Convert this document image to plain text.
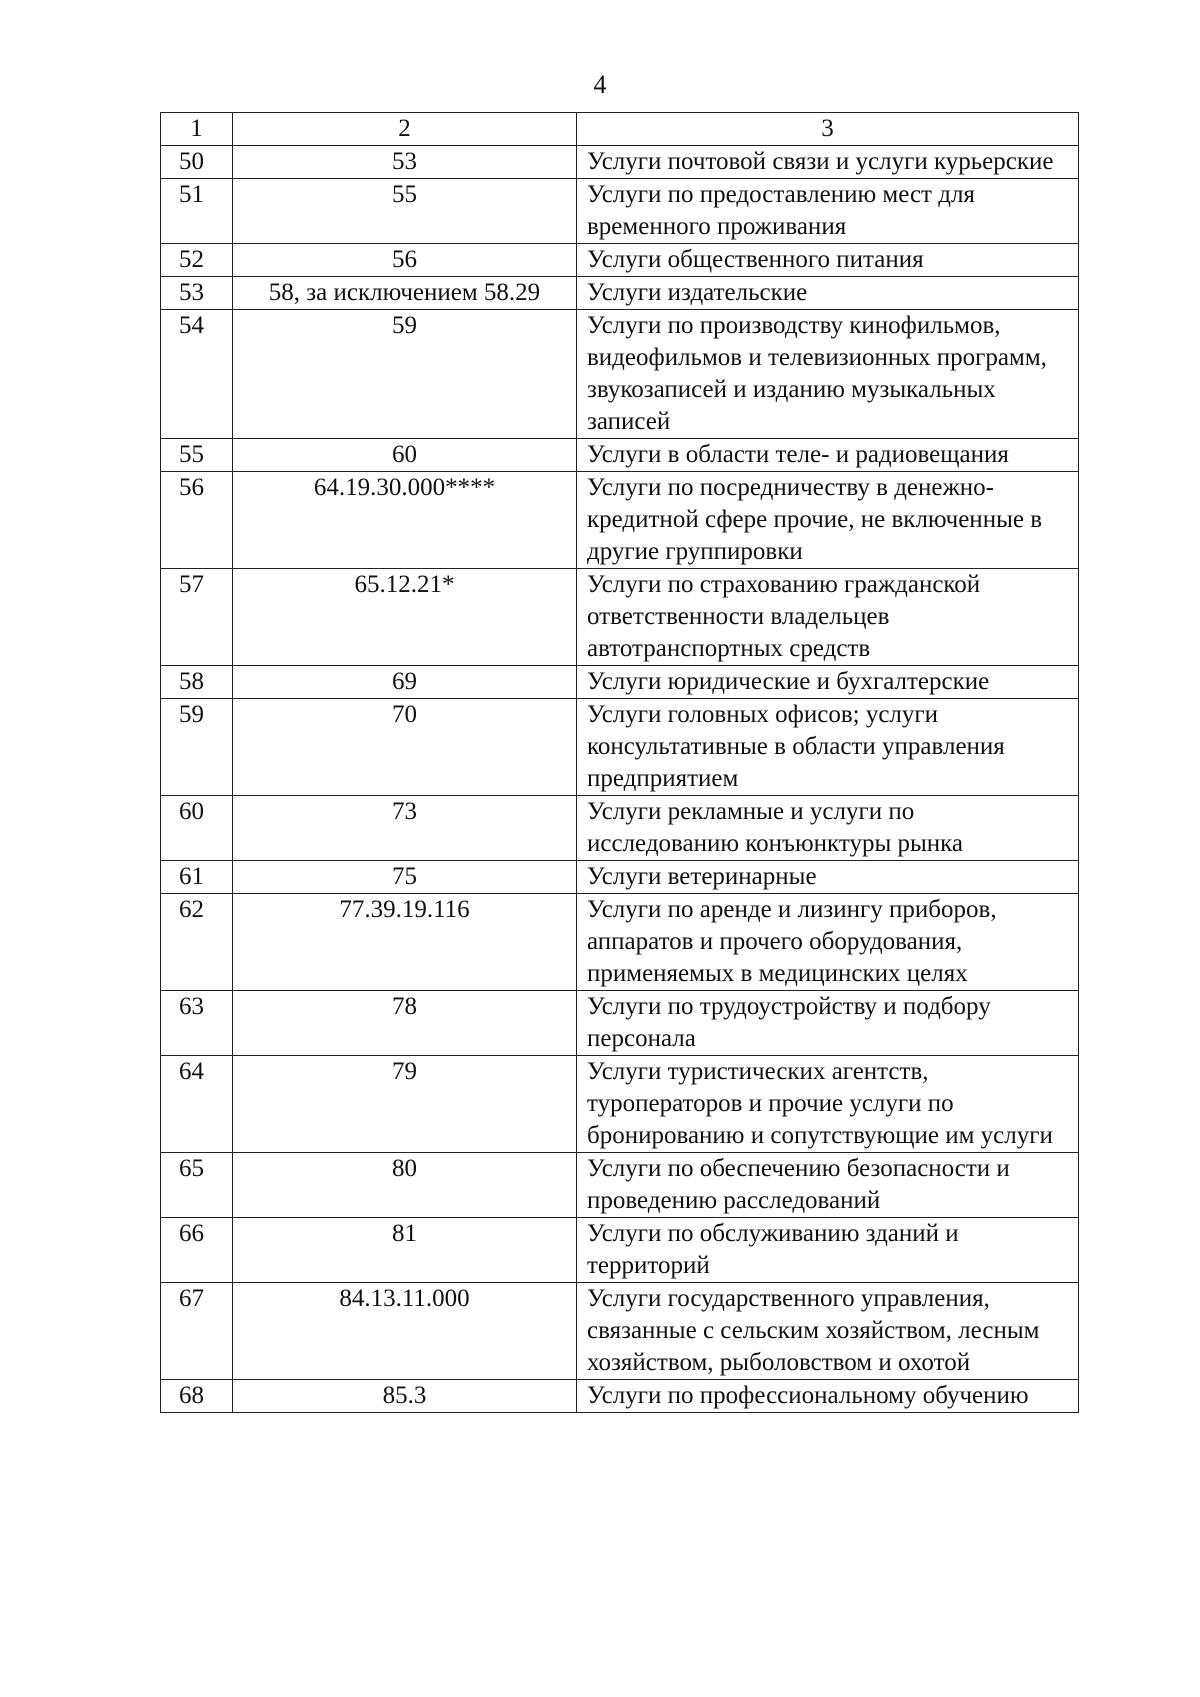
4
1	2	3
50	53	Услуги почтовой связи и услуги курьерские
51	55	Услуги по предоставлению мест для временного проживания
52	56	Услуги общественного питания
53	58, за исключением 58.29	Услуги издательские
54	59	Услуги по производству кинофильмов, видеофильмов и телевизионных программ, звукозаписей и изданию музыкальных записей
55	60	Услуги в области теле- и радиовещания
56	64.19.30.000****	Услуги по посредничеству в денежно-кредитной сфере прочие, не включенные в другие группировки
57	65.12.21*	Услуги по страхованию гражданской ответственности владельцев автотранспортных средств
58	69	Услуги юридические и бухгалтерские
59	70	Услуги головных офисов; услуги консультативные в области управления предприятием
60	73	Услуги рекламные и услуги по исследованию конъюнктуры рынка
61	75	Услуги ветеринарные
62	77.39.19.116	Услуги по аренде и лизингу приборов, аппаратов и прочего оборудования, применяемых в медицинских целях
63	78	Услуги по трудоустройству и подбору персонала
64	79	Услуги туристических агентств, туроператоров и прочие услуги по бронированию и сопутствующие им услуги
65	80	Услуги по обеспечению безопасности и проведению расследований
66	81	Услуги по обслуживанию зданий и территорий
67	84.13.11.000	Услуги государственного управления, связанные с сельским хозяйством, лесным хозяйством, рыболовством и охотой
68	85.3	Услуги по профессиональному обучению
